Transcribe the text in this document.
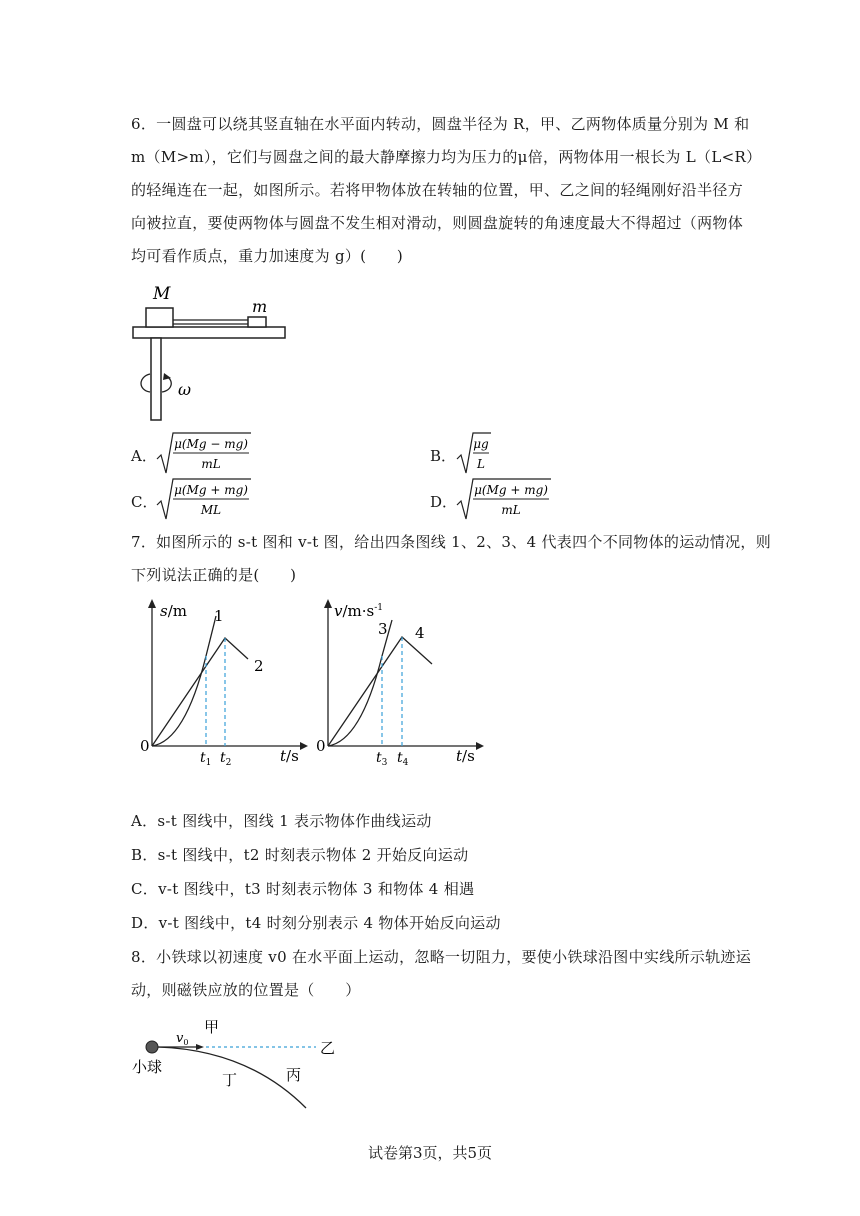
6．一圆盘可以绕其竖直轴在水平面内转动，圆盘半径为 R，甲、乙两物体质量分别为 M 和
m（M>m），它们与圆盘之间的最大静摩擦力均为压力的μ倍，两物体用一根长为 L（L<R）
的轻绳连在一起，如图所示。若将甲物体放在转轴的位置，甲、乙之间的轻绳刚好沿半径方
向被拉直，要使两物体与圆盘不发生相对滑动，则圆盘旋转的角速度最大不得超过（两物体
均可看作质点，重力加速度为 g）(　　)
M
m
ω
A．
μ(Mg − mg)
mL	B．
μg
L
C．
μ(Mg + mg)
ML	D．
μ(Mg + mg)
mL
7．如图所示的 s-t 图和 v-t 图，给出四条图线 1、2、3、4 代表四个不同物体的运动情况，则
下列说法正确的是(　　)
s/m
t/s
0
1
2
$t_1$ $t_2$
$v/m\cdot s^{-1}$
t/s
0
3 4
$t_3$ $t_4$
A．s-t 图线中，图线 1 表示物体作曲线运动
B．s-t 图线中，t2 时刻表示物体 2 开始反向运动
C．v-t 图线中，t3 时刻表示物体 3 和物体 4 相遇
D．v-t 图线中，t4 时刻分别表示 4 物体开始反向运动
8．小铁球以初速度 v0 在水平面上运动，忽略一切阻力，要使小铁球沿图中实线所示轨迹运
动，则磁铁应放的位置是（　　）
$v_0$
甲
乙
小球
丁	丙
试卷第3页，共5页
